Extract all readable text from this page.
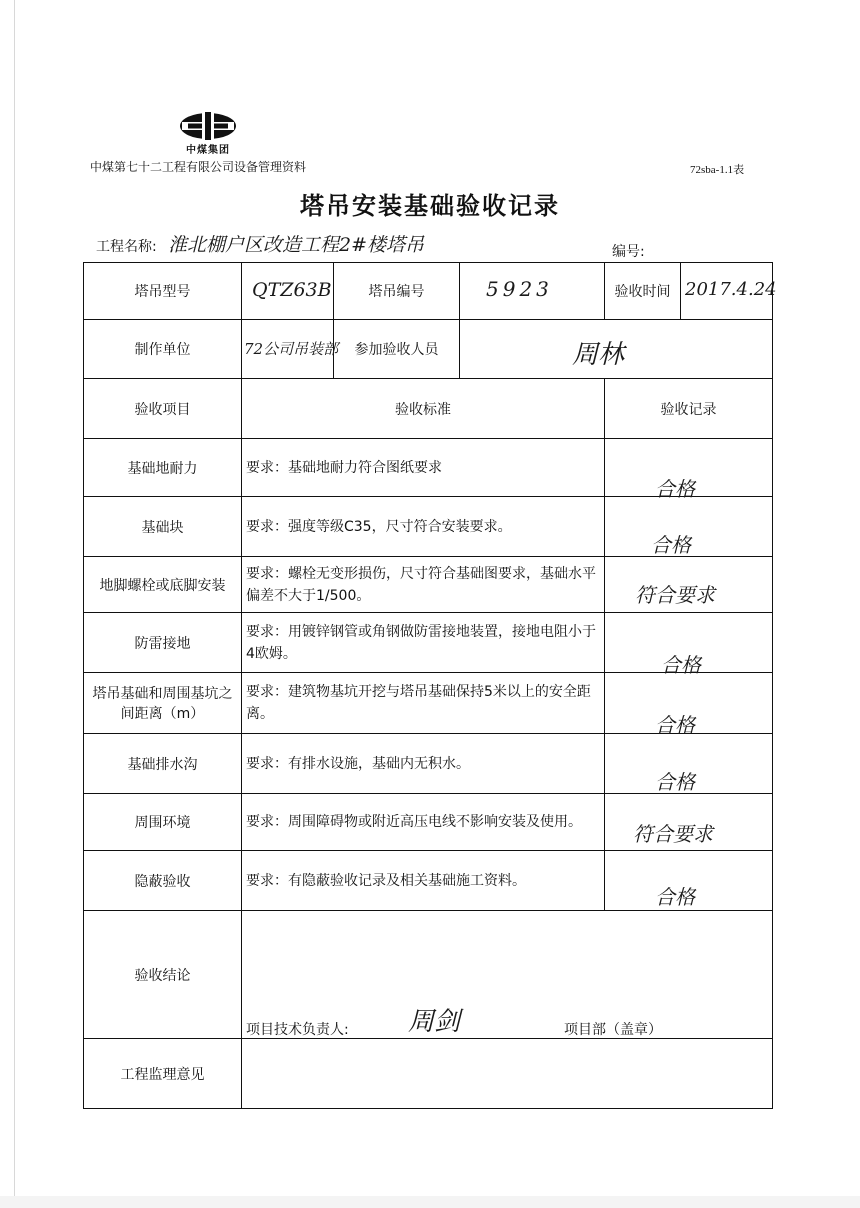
中煤集团
中煤第七十二工程有限公司设备管理资料	72sba-1.1表
塔吊安装基础验收记录
工程名称: 淮北棚户区改造工程2#楼塔吊	编号:
塔吊型号	QTZ63B	塔吊编号	5923	验收时间	2017.4.24

制作单位	72公司吊装部	参加验收人员	周林		

验收项目	验收标准			验收记录	
基础地耐力	要求：基础地耐力符合图纸要求			合格	

基础块	要求：强度等级C35，尺寸符合安装要求。			合格	

地脚螺栓或底脚安装	要求：螺栓无变形损伤，尺寸符合基础图要求，基础水平偏差不大于1/500。			符合要求	

防雷接地	要求：用镀锌钢管或角钢做防雷接地装置，接地电阻小于4欧姆。			合格	

塔吊基础和周围基坑之间距离（m）	要求：建筑物基坑开挖与塔吊基础保持5米以上的安全距离。			合格	

基础排水沟	要求：有排水设施，基础内无积水。			合格	

周围环境	要求：周围障碍物或附近高压电线不影响安装及使用。			符合要求	

隐蔽验收	要求：有隐蔽验收记录及相关基础施工资料。			合格	

验收结论	项目技术负责人: 周剑 项目部（盖章）				

工程监理意见					
